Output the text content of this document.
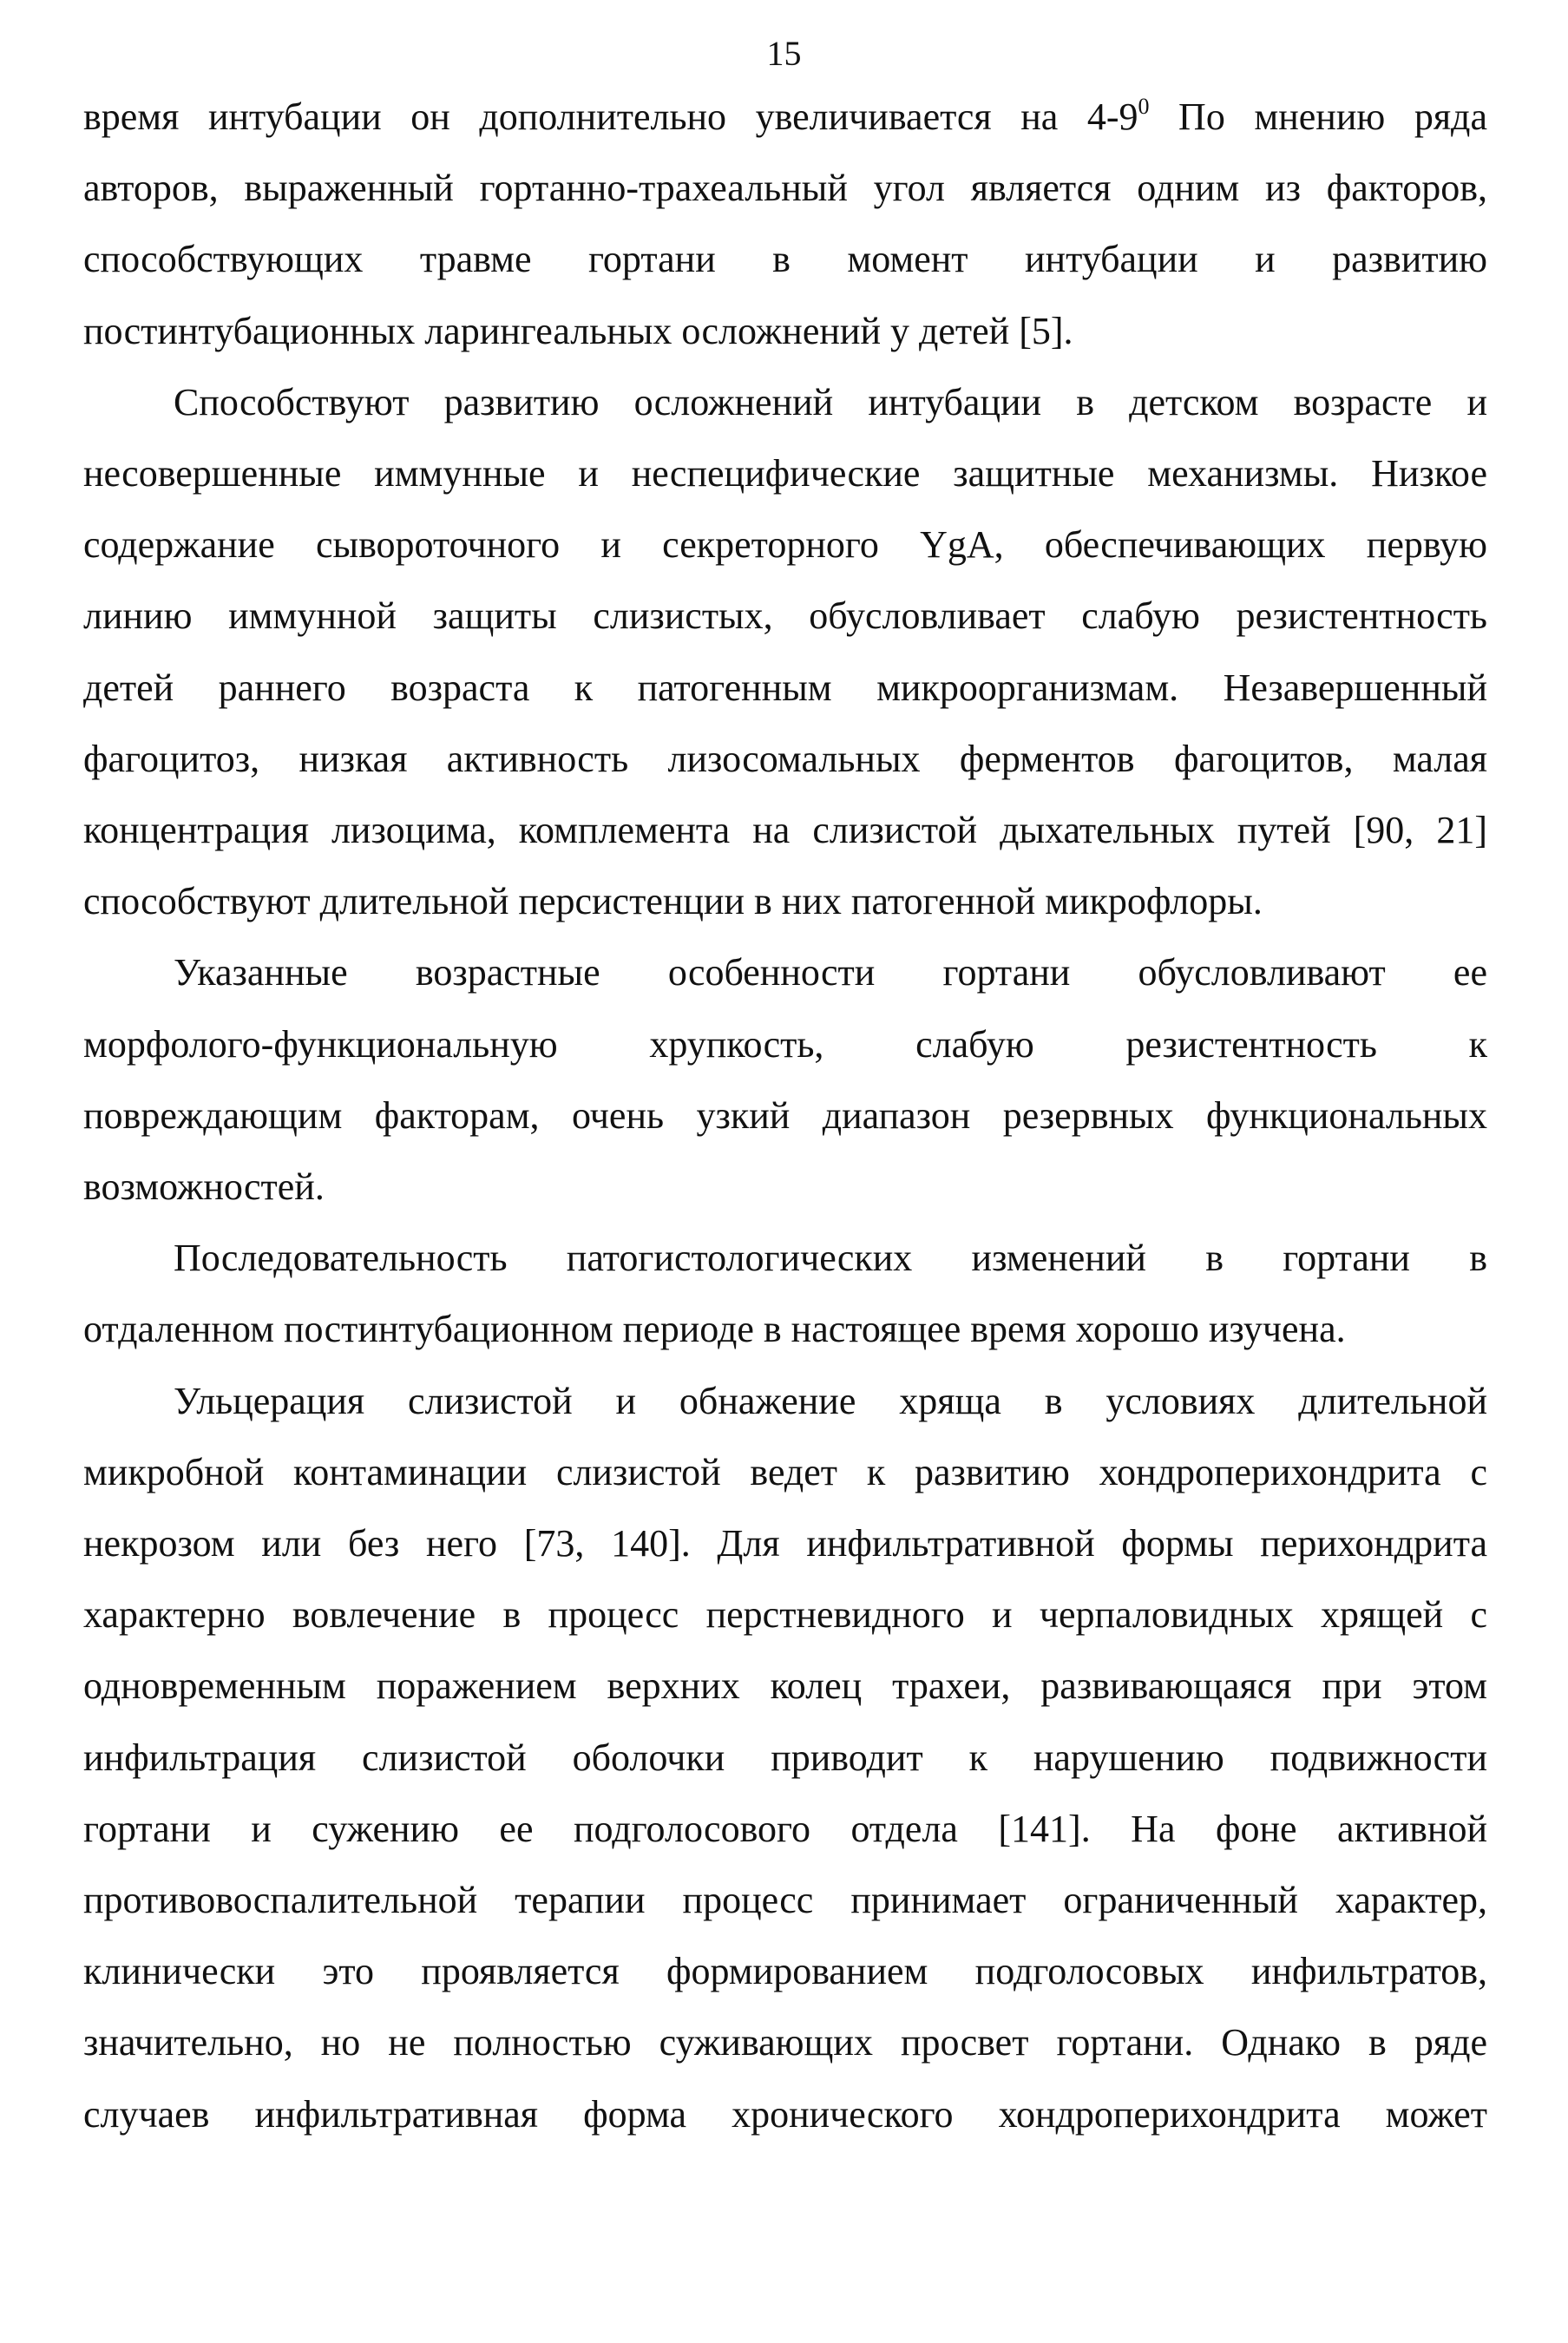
15
время интубации он дополнительно увеличивается на $4-9^0$ По мнению ряда
авторов, выраженный гортанно-трахеальный угол является одним из факторов,
способствующих травме гортани в момент интубации и развитию
постинтубационных ларингеальных осложнений у детей [5].
Способствуют развитию осложнений интубации в детском возрасте и
несовершенные иммунные и неспецифические защитные механизмы. Низкое
содержание сывороточного и секреторного YgA, обеспечивающих первую
линию иммунной защиты слизистых, обусловливает слабую резистентность
детей раннего возраста к патогенным микроорганизмам. Незавершенный
фагоцитоз, низкая активность лизосомальных ферментов фагоцитов, малая
концентрация лизоцима, комплемента на слизистой дыхательных путей [90, 21]
способствуют длительной персистенции в них патогенной микрофлоры.
Указанные возрастные особенности гортани обусловливают ее
морфолого-функциональную хрупкость, слабую резистентность к
повреждающим факторам, очень узкий диапазон резервных функциональных
возможностей.
Последовательность патогистологических изменений в гортани в
отдаленном постинтубационном периоде в настоящее время хорошо изучена.
Ульцерация слизистой и обнажение хряща в условиях длительной
микробной контаминации слизистой ведет к развитию хондроперихондрита с
некрозом или без него [73, 140]. Для инфильтративной формы перихондрита
характерно вовлечение в процесс перстневидного и черпаловидных хрящей с
одновременным поражением верхних колец трахеи, развивающаяся при этом
инфильтрация слизистой оболочки приводит к нарушению подвижности
гортани и сужению ее подголосового отдела [141]. На фоне активной
противовоспалительной терапии процесс принимает ограниченный характер,
клинически это проявляется формированием подголосовых инфильтратов,
значительно, но не полностью суживающих просвет гортани. Однако в ряде
случаев инфильтративная форма хронического хондроперихондрита может
